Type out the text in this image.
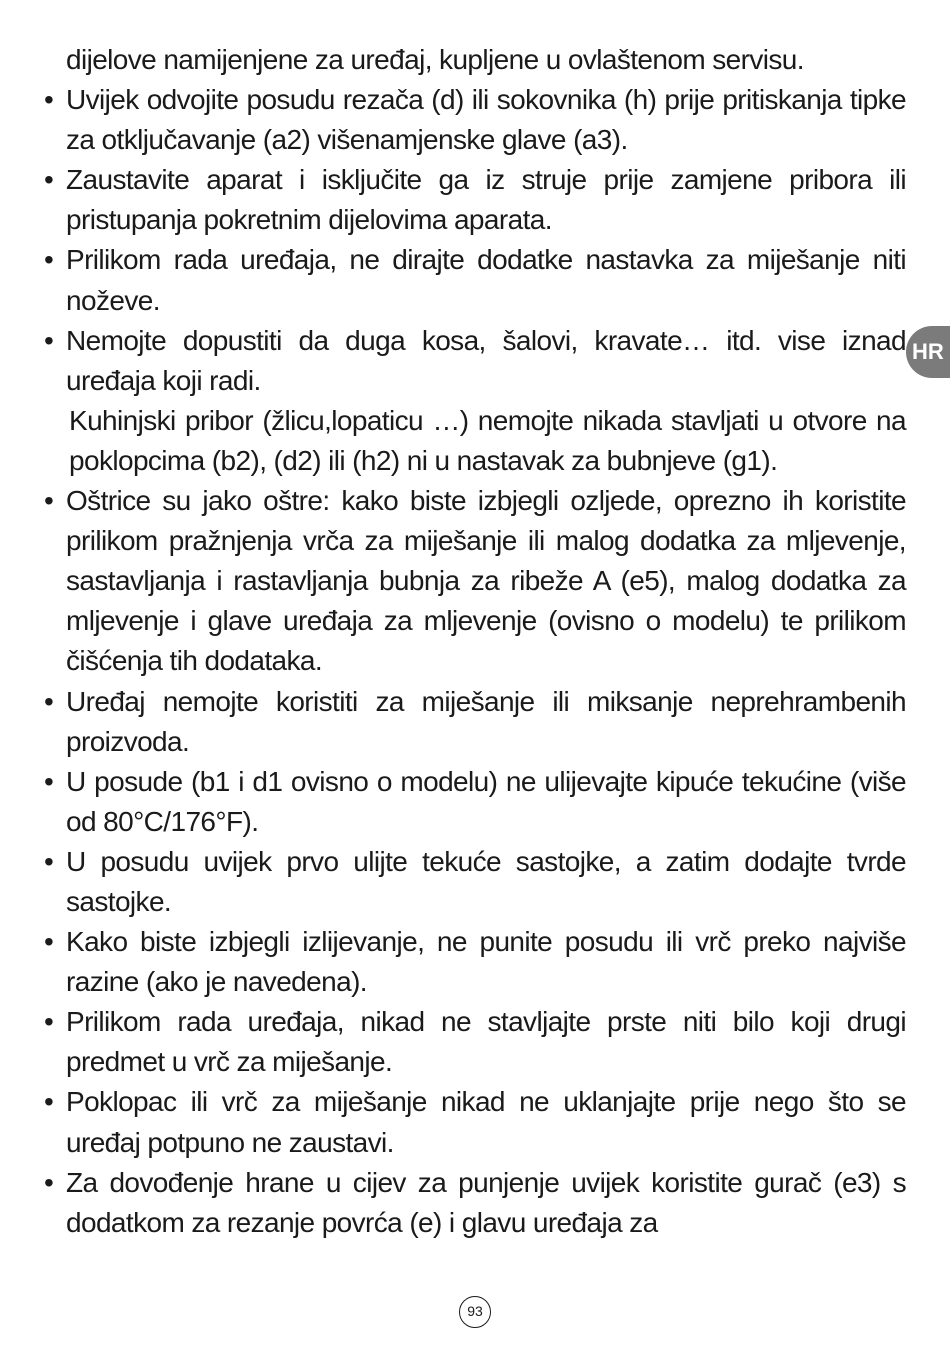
dijelove namijenjene za uređaj, kupljene u ovlaštenom servisu.

• Uvijek odvojite posudu rezača (d) ili sokovnika (h) prije pritiskanja tipke za otključavanje (a2) višenamjenske glave (a3).

• Zaustavite aparat i isključite ga iz struje prije zamjene pribora ili pristupanja pokretnim dijelovima aparata.

• Prilikom rada uređaja, ne dirajte dodatke nastavka za miješanje niti noževe.

• Nemojte dopustiti da duga kosa, šalovi, kravate… itd. vise iznad uređaja koji radi.

Kuhinjski pribor (žlicu,lopaticu …) nemojte nikada stavljati u otvore na poklopcima (b2), (d2) ili (h2) ni u nastavak za bubnjeve (g1).

• Oštrice su jako oštre: kako biste izbjegli ozljede, oprezno ih koristite prilikom pražnjenja vrča za miješanje ili malog dodatka za mljevenje, sastavljanja i rastavljanja bubnja za ribeže A (e5), malog dodatka za mljevenje i glave uređaja za mljevenje (ovisno o modelu) te prilikom čišćenja tih dodataka.

• Uređaj nemojte koristiti za miješanje ili miksanje neprehrambenih proizvoda.

• U posude (b1 i d1 ovisno o modelu) ne ulijevajte kipuće tekućine (više od 80°C/176°F).

• U posudu uvijek prvo ulijte tekuće sastojke, a zatim dodajte tvrde sastojke.

• Kako biste izbjegli izlijevanje, ne punite posudu ili vrč preko najviše razine (ako je navedena).

• Prilikom rada uređaja, nikad ne stavljajte prste niti bilo koji drugi predmet u vrč za miješanje.

• Poklopac ili vrč za miješanje nikad ne uklanjajte prije nego što se uređaj potpuno ne zaustavi.

• Za dovođenje hrane u cijev za punjenje uvijek koristite gurač (e3) s dodatkom za rezanje povrća (e) i glavu uređaja za

HR
93
